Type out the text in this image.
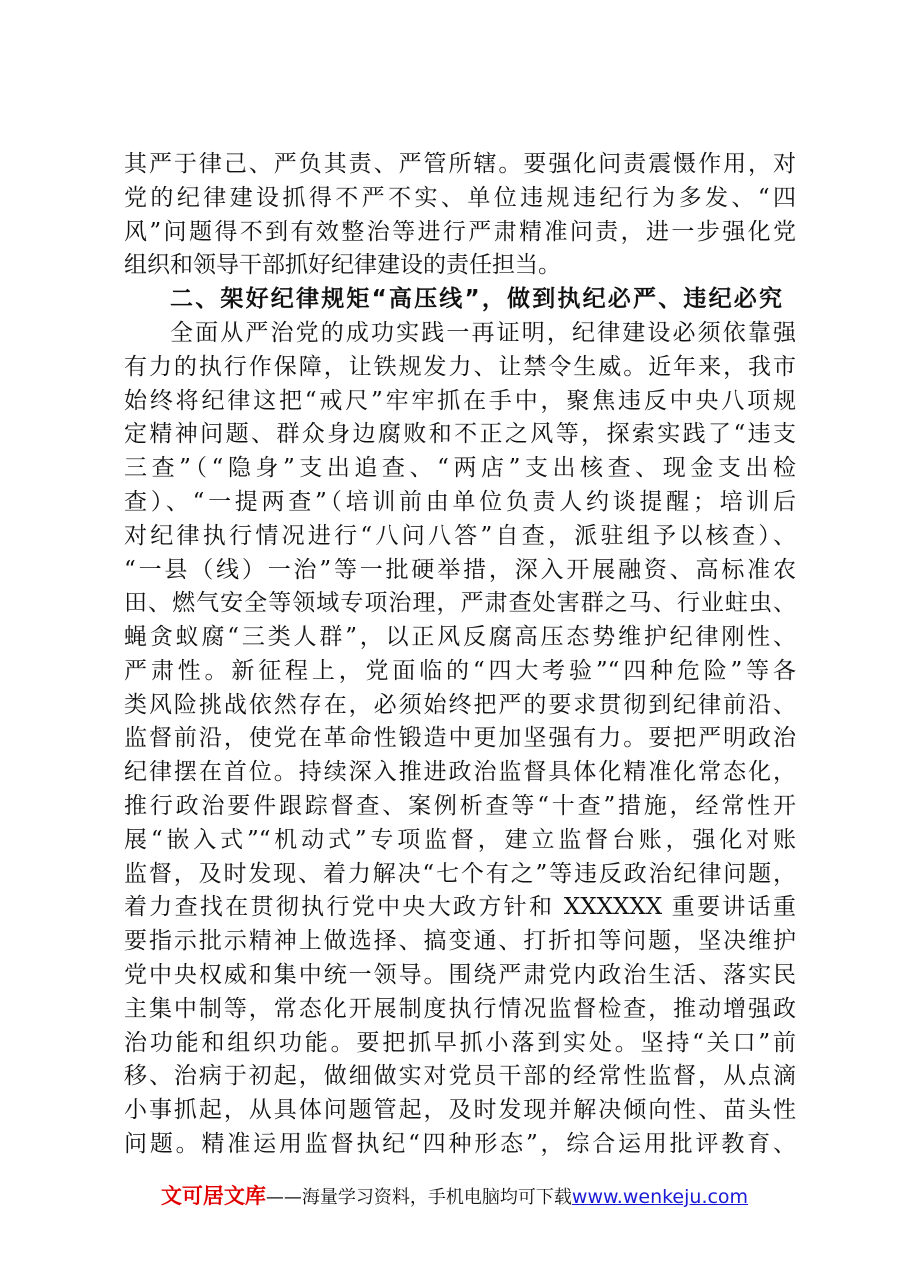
其严于律己、严负其责、严管所辖。要强化问责震慑作用，对
党的纪律建设抓得不严不实、单位违规违纪行为多发、“四
风”问题得不到有效整治等进行严肃精准问责，进一步强化党
组织和领导干部抓好纪律建设的责任担当。
二、架好纪律规矩“高压线”，做到执纪必严、违纪必究
全面从严治党的成功实践一再证明，纪律建设必须依靠强
有力的执行作保障，让铁规发力、让禁令生威。近年来，我市
始终将纪律这把“戒尺”牢牢抓在手中，聚焦违反中央八项规
定精神问题、群众身边腐败和不正之风等，探索实践了“违支
三查”（“隐身”支出追查、“两店”支出核查、现金支出检
查）、“一提两查”（培训前由单位负责人约谈提醒；培训后
对纪律执行情况进行“八问八答”自查，派驻组予以核查）、
“一县（线）一治”等一批硬举措，深入开展融资、高标准农
田、燃气安全等领域专项治理，严肃查处害群之马、行业蛀虫、
蝇贪蚁腐“三类人群”，以正风反腐高压态势维护纪律刚性、
严肃性。新征程上，党面临的“四大考验”“四种危险”等各
类风险挑战依然存在，必须始终把严的要求贯彻到纪律前沿、
监督前沿，使党在革命性锻造中更加坚强有力。要把严明政治
纪律摆在首位。持续深入推进政治监督具体化精准化常态化，
推行政治要件跟踪督查、案例析查等“十查”措施，经常性开
展“嵌入式”“机动式”专项监督，建立监督台账，强化对账
监督，及时发现、着力解决“七个有之”等违反政治纪律问题，
着力查找在贯彻执行党中央大政方针和 XXXXXX 重要讲话重
要指示批示精神上做选择、搞变通、打折扣等问题，坚决维护
党中央权威和集中统一领导。围绕严肃党内政治生活、落实民
主集中制等，常态化开展制度执行情况监督检查，推动增强政
治功能和组织功能。要把抓早抓小落到实处。坚持“关口”前
移、治病于初起，做细做实对党员干部的经常性监督，从点滴
小事抓起，从具体问题管起，及时发现并解决倾向性、苗头性
问题。精准运用监督执纪“四种形态”，综合运用批评教育、
文可居文库——海量学习资料，手机电脑均可下载www.wenkeju.com
